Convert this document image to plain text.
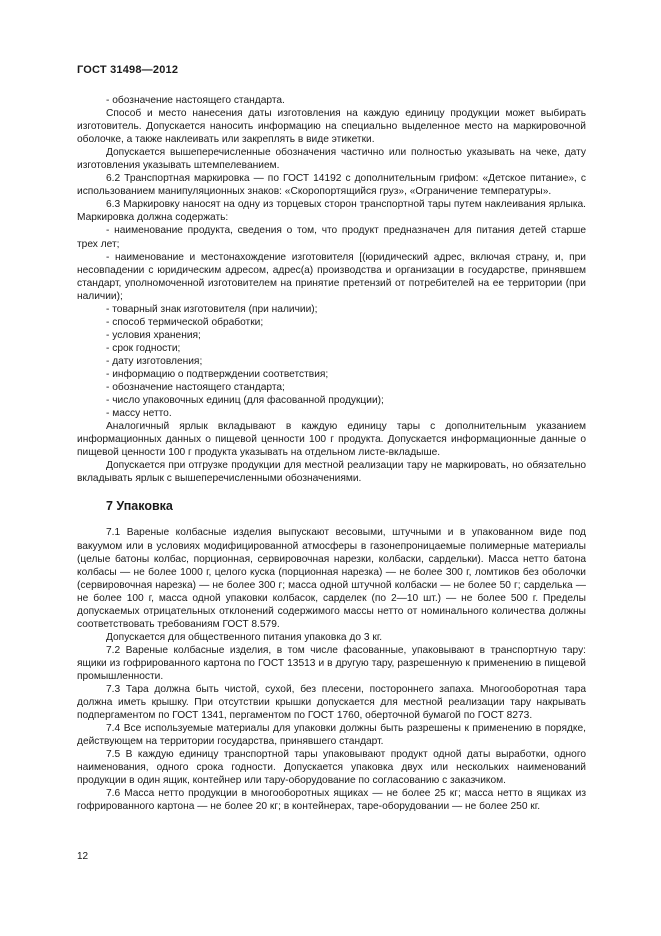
ГОСТ 31498—2012

- обозначение настоящего стандарта.

Способ и место нанесения даты изготовления на каждую единицу продукции может выбирать изготовитель. Допускается наносить информацию на специально выделенное место на маркировочной оболочке, а также наклеивать или закреплять в виде этикетки.

Допускается вышеперечисленные обозначения частично или полностью указывать на чеке, дату изготовления указывать штемпелеванием.

6.2 Транспортная маркировка — по ГОСТ 14192 с дополнительным грифом: «Детское питание», с использованием манипуляционных знаков: «Скоропортящийся груз», «Ограничение температуры».

6.3 Маркировку наносят на одну из торцевых сторон транспортной тары путем наклеивания ярлыка. Маркировка должна содержать:

- наименование продукта, сведения о том, что продукт предназначен для питания детей старше трех лет;

- наименование и местонахождение изготовителя [(юридический адрес, включая страну, и, при несовпадении с юридическим адресом, адрес(а) производства и организации в государстве, принявшем стандарт, уполномоченной изготовителем на принятие претензий от потребителей на ее территории (при наличии);

- товарный знак изготовителя (при наличии);

- способ термической обработки;

- условия хранения;

- срок годности;

- дату изготовления;

- информацию о подтверждении соответствия;

- обозначение настоящего стандарта;

- число упаковочных единиц (для фасованной продукции);

- массу нетто.

Аналогичный ярлык вкладывают в каждую единицу тары с дополнительным указанием информационных данных о пищевой ценности 100 г продукта. Допускается информационные данные о пищевой ценности 100 г продукта указывать на отдельном листе-вкладыше.

Допускается при отгрузке продукции для местной реализации тару не маркировать, но обязательно вкладывать ярлык с вышеперечисленными обозначениями.

7 Упаковка

7.1 Вареные колбасные изделия выпускают весовыми, штучными и в упакованном виде под вакуумом или в условиях модифицированной атмосферы в газонепроницаемые полимерные материалы (целые батоны колбас, порционная, сервировочная нарезки, колбаски, сардельки). Масса нетто батона колбасы — не более 1000 г, целого куска (порционная нарезка) — не более 300 г, ломтиков без оболочки (сервировочная нарезка) — не более 300 г; масса одной штучной колбаски — не более 50 г; сарделька — не более 100 г, масса одной упаковки колбасок, сарделек (по 2—10 шт.) — не более 500 г. Пределы допускаемых отрицательных отклонений содержимого массы нетто от номинального количества должны соответствовать требованиям ГОСТ 8.579.

Допускается для общественного питания упаковка до 3 кг.

7.2 Вареные колбасные изделия, в том числе фасованные, упаковывают в транспортную тару: ящики из гофрированного картона по ГОСТ 13513 и в другую тару, разрешенную к применению в пищевой промышленности.

7.3 Тара должна быть чистой, сухой, без плесени, постороннего запаха. Многооборотная тара должна иметь крышку. При отсутствии крышки допускается для местной реализации тару накрывать подпергаментом по ГОСТ 1341, пергаментом по ГОСТ 1760, оберточной бумагой по ГОСТ 8273.

7.4 Все используемые материалы для упаковки должны быть разрешены к применению в порядке, действующем на территории государства, принявшего стандарт.

7.5 В каждую единицу транспортной тары упаковывают продукт одной даты выработки, одного наименования, одного срока годности. Допускается упаковка двух или нескольких наименований продукции в один ящик, контейнер или тару-оборудование по согласованию с заказчиком.

7.6 Масса нетто продукции в многооборотных ящиках — не более 25 кг; масса нетто в ящиках из гофрированного картона — не более 20 кг; в контейнерах, таре-оборудовании — не более 250 кг.

12
